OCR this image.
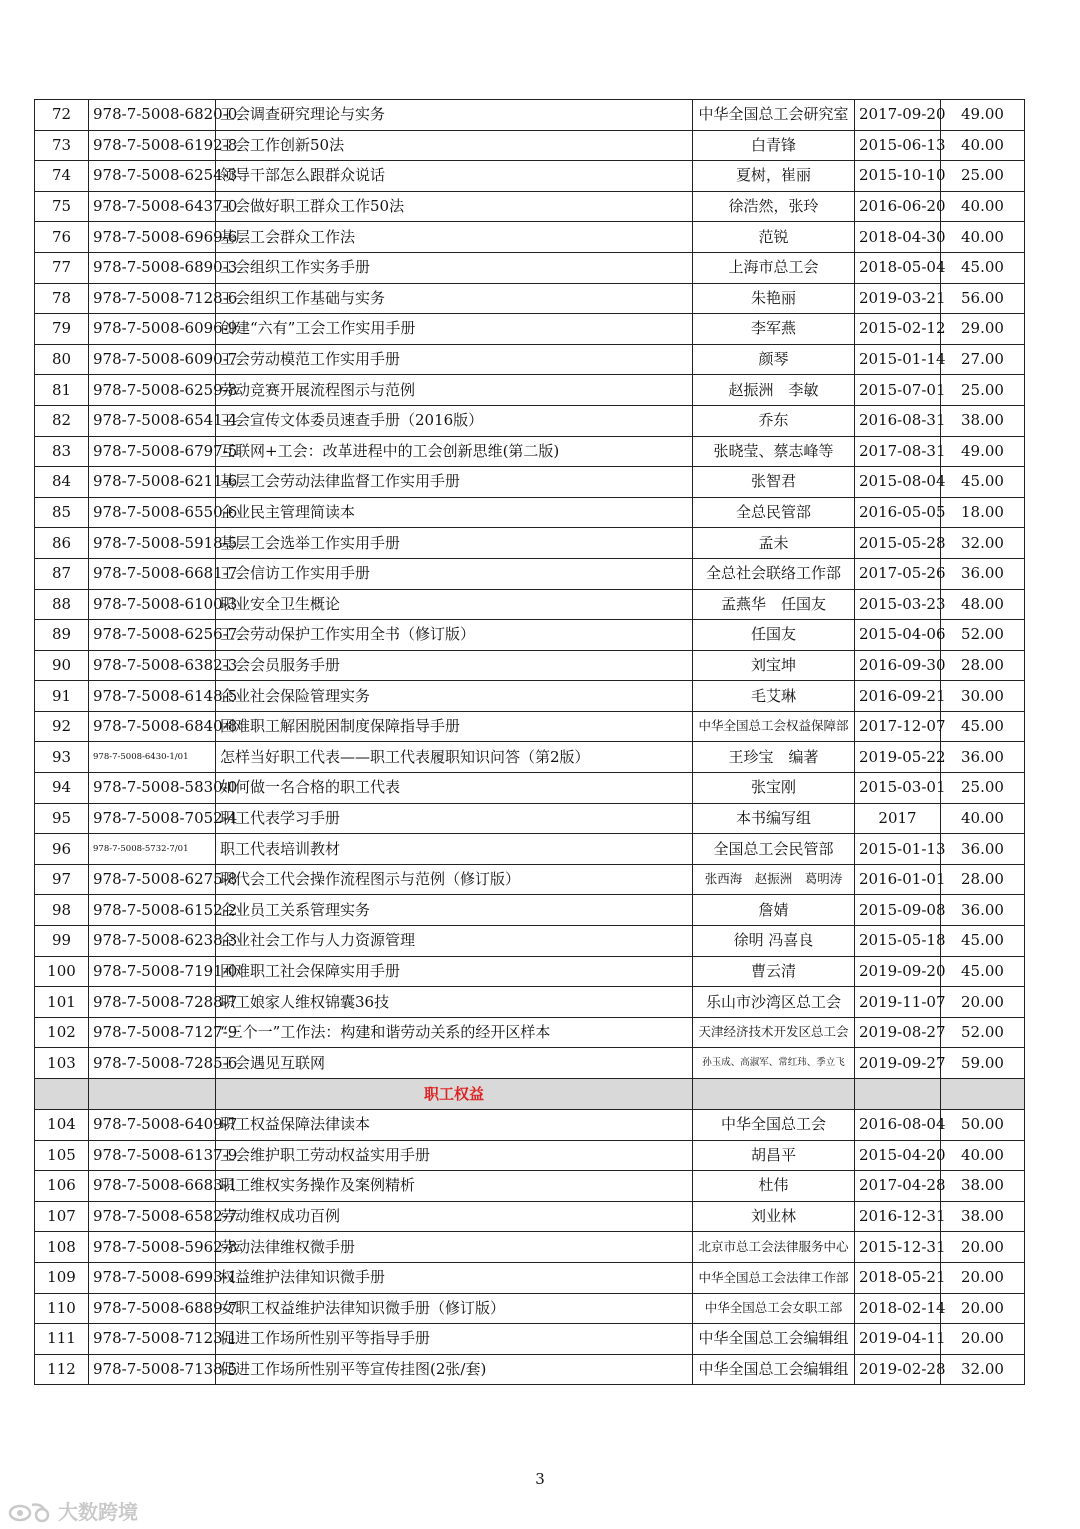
72	978-7-5008-6820-0	工会调查研究理论与实务	中华全国总工会研究室	2017-09-20	49.00
73	978-7-5008-6192-8	工会工作创新50法	白青锋	2015-06-13	40.00
74	978-7-5008-6254-3	领导干部怎么跟群众说话	夏树，崔丽	2015-10-10	25.00
75	978-7-5008-6437-0	工会做好职工群众工作50法	徐浩然，张玲	2016-06-20	40.00
76	978-7-5008-6969-6	基层工会群众工作法	范锐	2018-04-30	40.00
77	978-7-5008-6890-3	工会组织工作实务手册	上海市总工会	2018-05-04	45.00
78	978-7-5008-7128-6	工会组织工作基础与实务	朱艳丽	2019-03-21	56.00
79	978-7-5008-6096-9	创建“六有”工会工作实用手册	李军燕	2015-02-12	29.00
80	978-7-5008-6090-7	工会劳动模范工作实用手册	颜琴	2015-01-14	27.00
81	978-7-5008-6259-8	劳动竞赛开展流程图示与范例	赵振洲　李敏	2015-07-01	25.00
82	978-7-5008-6541-4	工会宣传文体委员速查手册（2016版）	乔东	2016-08-31	38.00
83	978-7-5008-6797-5	互联网+工会：改革进程中的工会创新思维(第二版)	张晓莹、蔡志峰等	2017-08-31	49.00
84	978-7-5008-6211-6	基层工会劳动法律监督工作实用手册	张智君	2015-08-04	45.00
85	978-7-5008-6550-6	企业民主管理简读本	全总民管部	2016-05-05	18.00
86	978-7-5008-5918-5	基层工会选举工作实用手册	孟未	2015-05-28	32.00
87	978-7-5008-6681-7	工会信访工作实用手册	全总社会联络工作部	2017-05-26	36.00
88	978-7-5008-6100-3	职业安全卫生概论	孟燕华　任国友	2015-03-23	48.00
89	978-7-5008-6256-7	工会劳动保护工作实用全书（修订版）	任国友	2015-04-06	52.00
90	978-7-5008-6382-3	工会会员服务手册	刘宝坤	2016-09-30	28.00
91	978-7-5008-6148-5	企业社会保险管理实务	毛艾琳	2016-09-21	30.00
92	978-7-5008-6840-8	困难职工解困脱困制度保障指导手册	中华全国总工会权益保障部	2017-12-07	45.00
93	978-7-5008-6430-1/01	怎样当好职工代表——职工代表履职知识问答（第2版）	王珍宝　编著	2019-05-22	36.00
94	978-7-5008-5830-0	如何做一名合格的职工代表	张宝刚	2015-03-01	25.00
95	978-7-5008-7052-4	职工代表学习手册	本书编写组	2017	40.00
96	978-7-5008-5732-7/01	职工代表培训教材	全国总工会民管部	2015-01-13	36.00
97	978-7-5008-6275-8	职代会工代会操作流程图示与范例（修订版）	张西海　赵振洲　葛明涛	2016-01-01	28.00
98	978-7-5008-6152-2	企业员工关系管理实务	詹婧	2015-09-08	36.00
99	978-7-5008-6238-3	企业社会工作与人力资源管理	徐明 冯喜良	2015-05-18	45.00
100	978-7-5008-7191-0	困难职工社会保障实用手册	曹云清	2019-09-20	45.00
101	978-7-5008-7288-7	职工娘家人维权锦囊36技	乐山市沙湾区总工会	2019-11-07	20.00
102	978-7-5008-7127-9	“三个一”工作法：构建和谐劳动关系的经开区样本	天津经济技术开发区总工会	2019-08-27	52.00
103	978-7-5008-7285-6	工会遇见互联网	孙玉成、高淑军、常红玮、季立飞	2019-09-27	59.00
		职工权益			
104	978-7-5008-6409-7	职工权益保障法律读本	中华全国总工会	2016-08-04	50.00
105	978-7-5008-6137-9	工会维护职工劳动权益实用手册	胡昌平	2015-04-20	40.00
106	978-7-5008-6683-1	职工维权实务操作及案例精析	杜伟	2017-04-28	38.00
107	978-7-5008-6582-7	劳动维权成功百例	刘业林	2016-12-31	38.00
108	978-7-5008-5962-8	劳动法律维权微手册	北京市总工会法律服务中心	2015-12-31	20.00
109	978-7-5008-6993-1	权益维护法律知识微手册	中华全国总工会法律工作部	2018-05-21	20.00
110	978-7-5008-6889-7	女职工权益维护法律知识微手册（修订版）	中华全国总工会女职工部	2018-02-14	20.00
111	978-7-5008-7123-1	促进工作场所性别平等指导手册	中华全国总工会编辑组	2019-04-11	20.00
112	978-7-5008-7138-5	促进工作场所性别平等宣传挂图(2张/套)	中华全国总工会编辑组	2019-02-28	32.00
3
大数跨境
